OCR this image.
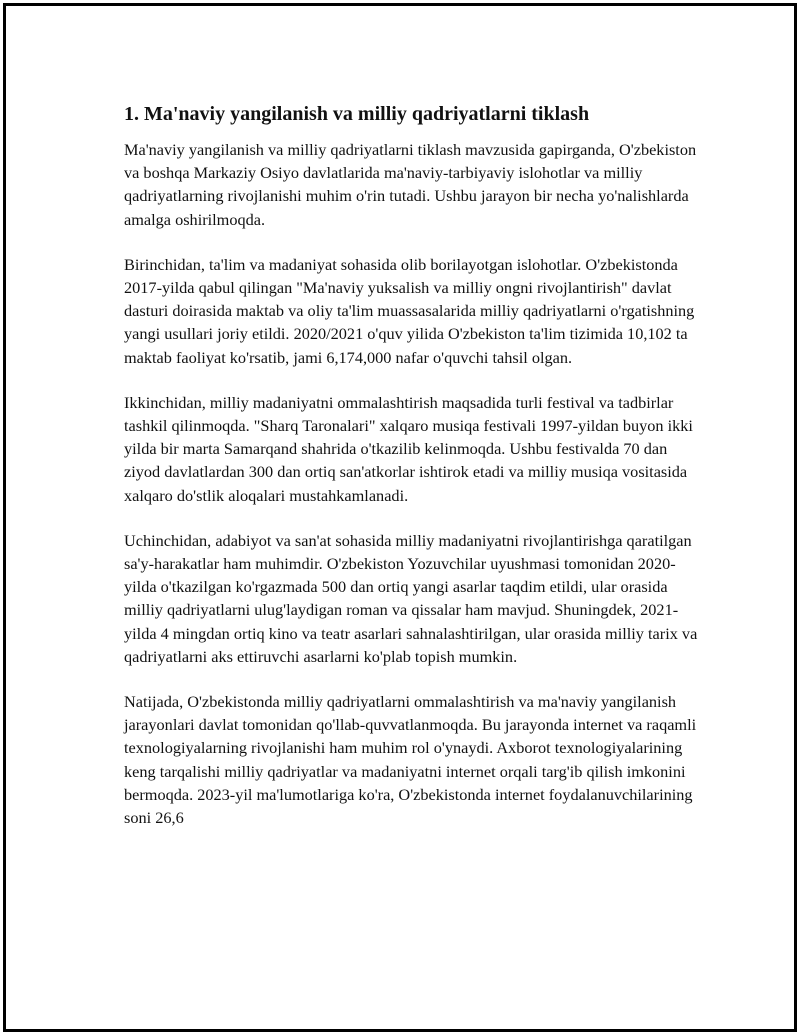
1. Ma'naviy yangilanish va milliy qadriyatlarni tiklash

Ma'naviy yangilanish va milliy qadriyatlarni tiklash mavzusida gapirganda, O'zbekiston va boshqa Markaziy Osiyo davlatlarida ma'naviy-tarbiyaviy islohotlar va milliy qadriyatlarning rivojlanishi muhim o'rin tutadi. Ushbu jarayon bir necha yo'nalishlarda amalga oshirilmoqda.

Birinchidan, ta'lim va madaniyat sohasida olib borilayotgan islohotlar. O'zbekistonda 2017-yilda qabul qilingan "Ma'naviy yuksalish va milliy ongni rivojlantirish" davlat dasturi doirasida maktab va oliy ta'lim muassasalarida milliy qadriyatlarni o'rgatishning yangi usullari joriy etildi. 2020/2021 o'quv yilida O'zbekiston ta'lim tizimida 10,102 ta maktab faoliyat ko'rsatib, jami 6,174,000 nafar o'quvchi tahsil olgan.

Ikkinchidan, milliy madaniyatni ommalashtirish maqsadida turli festival va tadbirlar tashkil qilinmoqda. "Sharq Taronalari" xalqaro musiqa festivali 1997-yildan buyon ikki yilda bir marta Samarqand shahrida o'tkazilib kelinmoqda. Ushbu festivalda 70 dan ziyod davlatlardan 300 dan ortiq san'atkorlar ishtirok etadi va milliy musiqa vositasida xalqaro do'stlik aloqalari mustahkamlanadi.

Uchinchidan, adabiyot va san'at sohasida milliy madaniyatni rivojlantirishga qaratilgan sa'y-harakatlar ham muhimdir. O'zbekiston Yozuvchilar uyushmasi tomonidan 2020-yilda o'tkazilgan ko'rgazmada 500 dan ortiq yangi asarlar taqdim etildi, ular orasida milliy qadriyatlarni ulug'laydigan roman va qissalar ham mavjud. Shuningdek, 2021-yilda 4 mingdan ortiq kino va teatr asarlari sahnalashtirilgan, ular orasida milliy tarix va qadriyatlarni aks ettiruvchi asarlarni ko'plab topish mumkin.

Natijada, O'zbekistonda milliy qadriyatlarni ommalashtirish va ma'naviy yangilanish jarayonlari davlat tomonidan qo'llab-quvvatlanmoqda. Bu jarayonda internet va raqamli texnologiyalarning rivojlanishi ham muhim rol o'ynaydi. Axborot texnologiyalarining keng tarqalishi milliy qadriyatlar va madaniyatni internet orqali targ'ib qilish imkonini bermoqda. 2023-yil ma'lumotlariga ko'ra, O'zbekistonda internet foydalanuvchilarining soni 26,6
